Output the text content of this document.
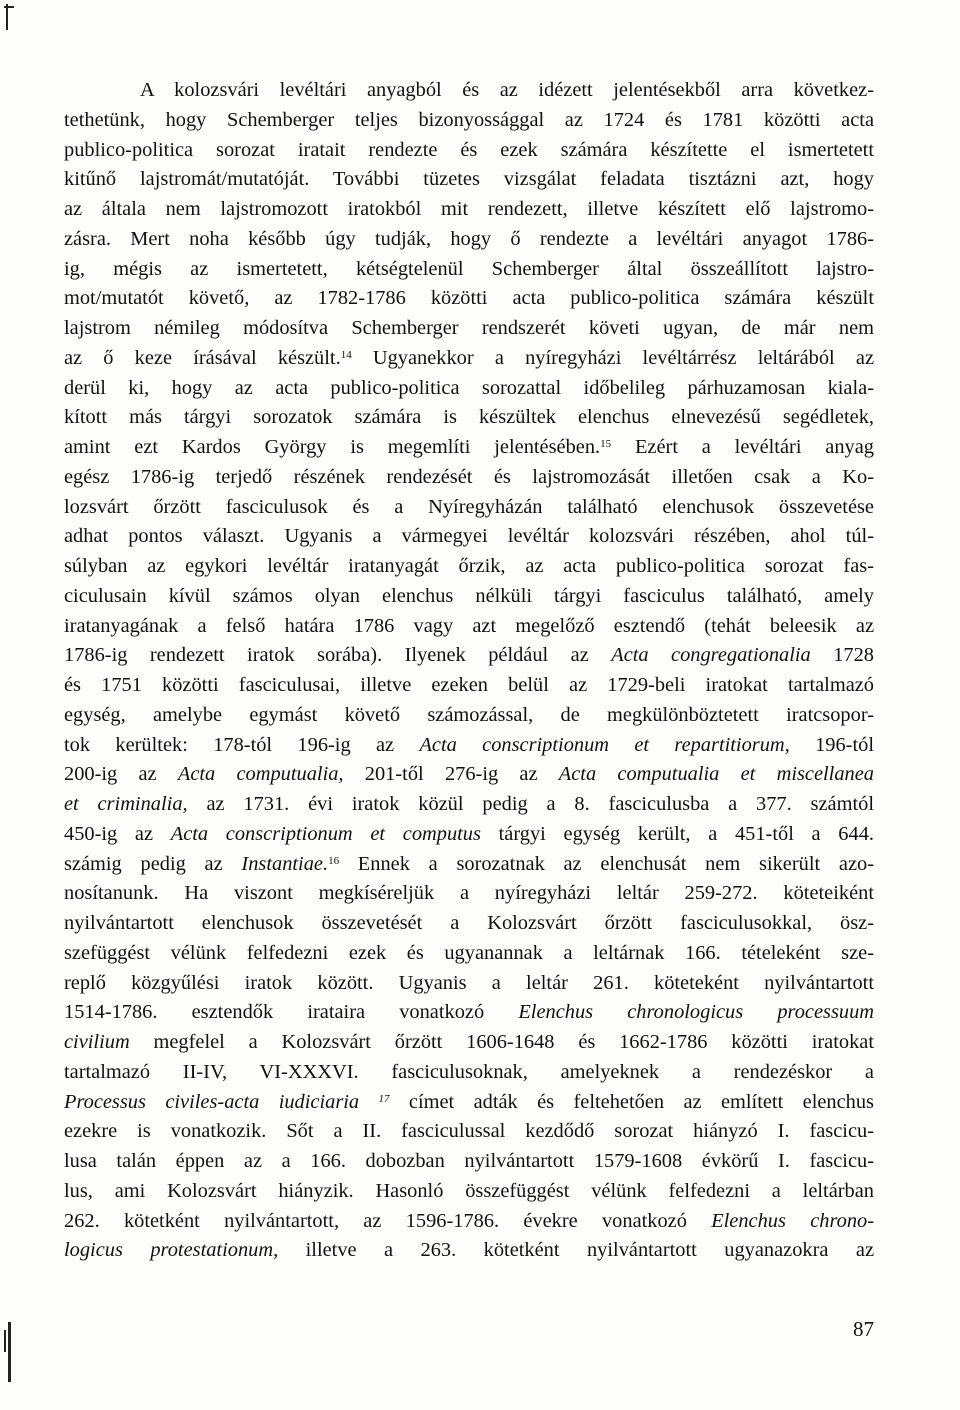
A kolozsvári levéltári anyagból és az idézett jelentésekből arra következ-
tethetünk, hogy Schemberger teljes bizonyossággal az 1724 és 1781 közötti acta
publico-politica sorozat iratait rendezte és ezek számára készítette el ismertetett
kitűnő lajstromát/mutatóját. További tüzetes vizsgálat feladata tisztázni azt, hogy
az általa nem lajstromozott iratokból mit rendezett, illetve készített elő lajstromo-
zásra. Mert noha később úgy tudják, hogy ő rendezte a levéltári anyagot 1786-
ig, mégis az ismertetett, kétségtelenül Schemberger által összeállított lajstro-
mot/mutatót követő, az 1782-1786 közötti acta publico-politica számára készült
lajstrom némileg módosítva Schemberger rendszerét követi ugyan, de már nem
az ő keze írásával készült.$^{14}$ Ugyanekkor a nyíregyházi levéltárrész leltárából az
derül ki, hogy az acta publico-politica sorozattal időbelileg párhuzamosan kiala-
kított más tárgyi sorozatok számára is készültek elenchus elnevezésű segédletek,
amint ezt Kardos György is megemlíti jelentésében.$^{15}$ Ezért a levéltári anyag
egész 1786-ig terjedő részének rendezését és lajstromozását illetően csak a Ko-
lozsvárt őrzött fasciculusok és a Nyíregyházán található elenchusok összevetése
adhat pontos választ. Ugyanis a vármegyei levéltár kolozsvári részében, ahol túl-
súlyban az egykori levéltár iratanyagát őrzik, az acta publico-politica sorozat fas-
ciculusain kívül számos olyan elenchus nélküli tárgyi fasciculus található, amely
iratanyagának a felső határa 1786 vagy azt megelőző esztendő (tehát beleesik az
1786-ig rendezett iratok sorába). Ilyenek például az Acta congregationalia 1728
és 1751 közötti fasciculusai, illetve ezeken belül az 1729-beli iratokat tartalmazó
egység, amelybe egymást követő számozással, de megkülönböztetett iratcsopor-
tok kerültek: 178-tól 196-ig az Acta conscriptionum et repartitiorum, 196-tól
200-ig az Acta computualia, 201-től 276-ig az Acta computualia et miscellanea
et criminalia, az 1731. évi iratok közül pedig a 8. fasciculusba a 377. számtól
450-ig az Acta conscriptionum et computus tárgyi egység került, a 451-től a 644.
számig pedig az Instantiae.$^{16}$ Ennek a sorozatnak az elenchusát nem sikerült azo-
nosítanunk. Ha viszont megkíséreljük a nyíregyházi leltár 259-272. köteteiként
nyilvántartott elenchusok összevetését a Kolozsvárt őrzött fasciculusokkal, ösz-
szefüggést vélünk felfedezni ezek és ugyanannak a leltárnak 166. tételeként sze-
replő közgyűlési iratok között. Ugyanis a leltár 261. köteteként nyilvántartott
1514-1786. esztendők irataira vonatkozó Elenchus chronologicus processuum
civilium megfelel a Kolozsvárt őrzött 1606-1648 és 1662-1786 közötti iratokat
tartalmazó II-IV, VI-XXXVI. fasciculusoknak, amelyeknek a rendezéskor a
Processus civiles-acta iudiciaria $^{17}$ címet adták és feltehetően az említett elenchus
ezekre is vonatkozik. Sőt a II. fasciculussal kezdődő sorozat hiányzó I. fascicu-
lusa talán éppen az a 166. dobozban nyilvántartott 1579-1608 évkörű I. fascicu-
lus, ami Kolozsvárt hiányzik. Hasonló összefüggést vélünk felfedezni a leltárban
262. kötetként nyilvántartott, az 1596-1786. évekre vonatkozó Elenchus chrono-
logicus protestationum, illetve a 263. kötetként nyilvántartott ugyanazokra az
87
